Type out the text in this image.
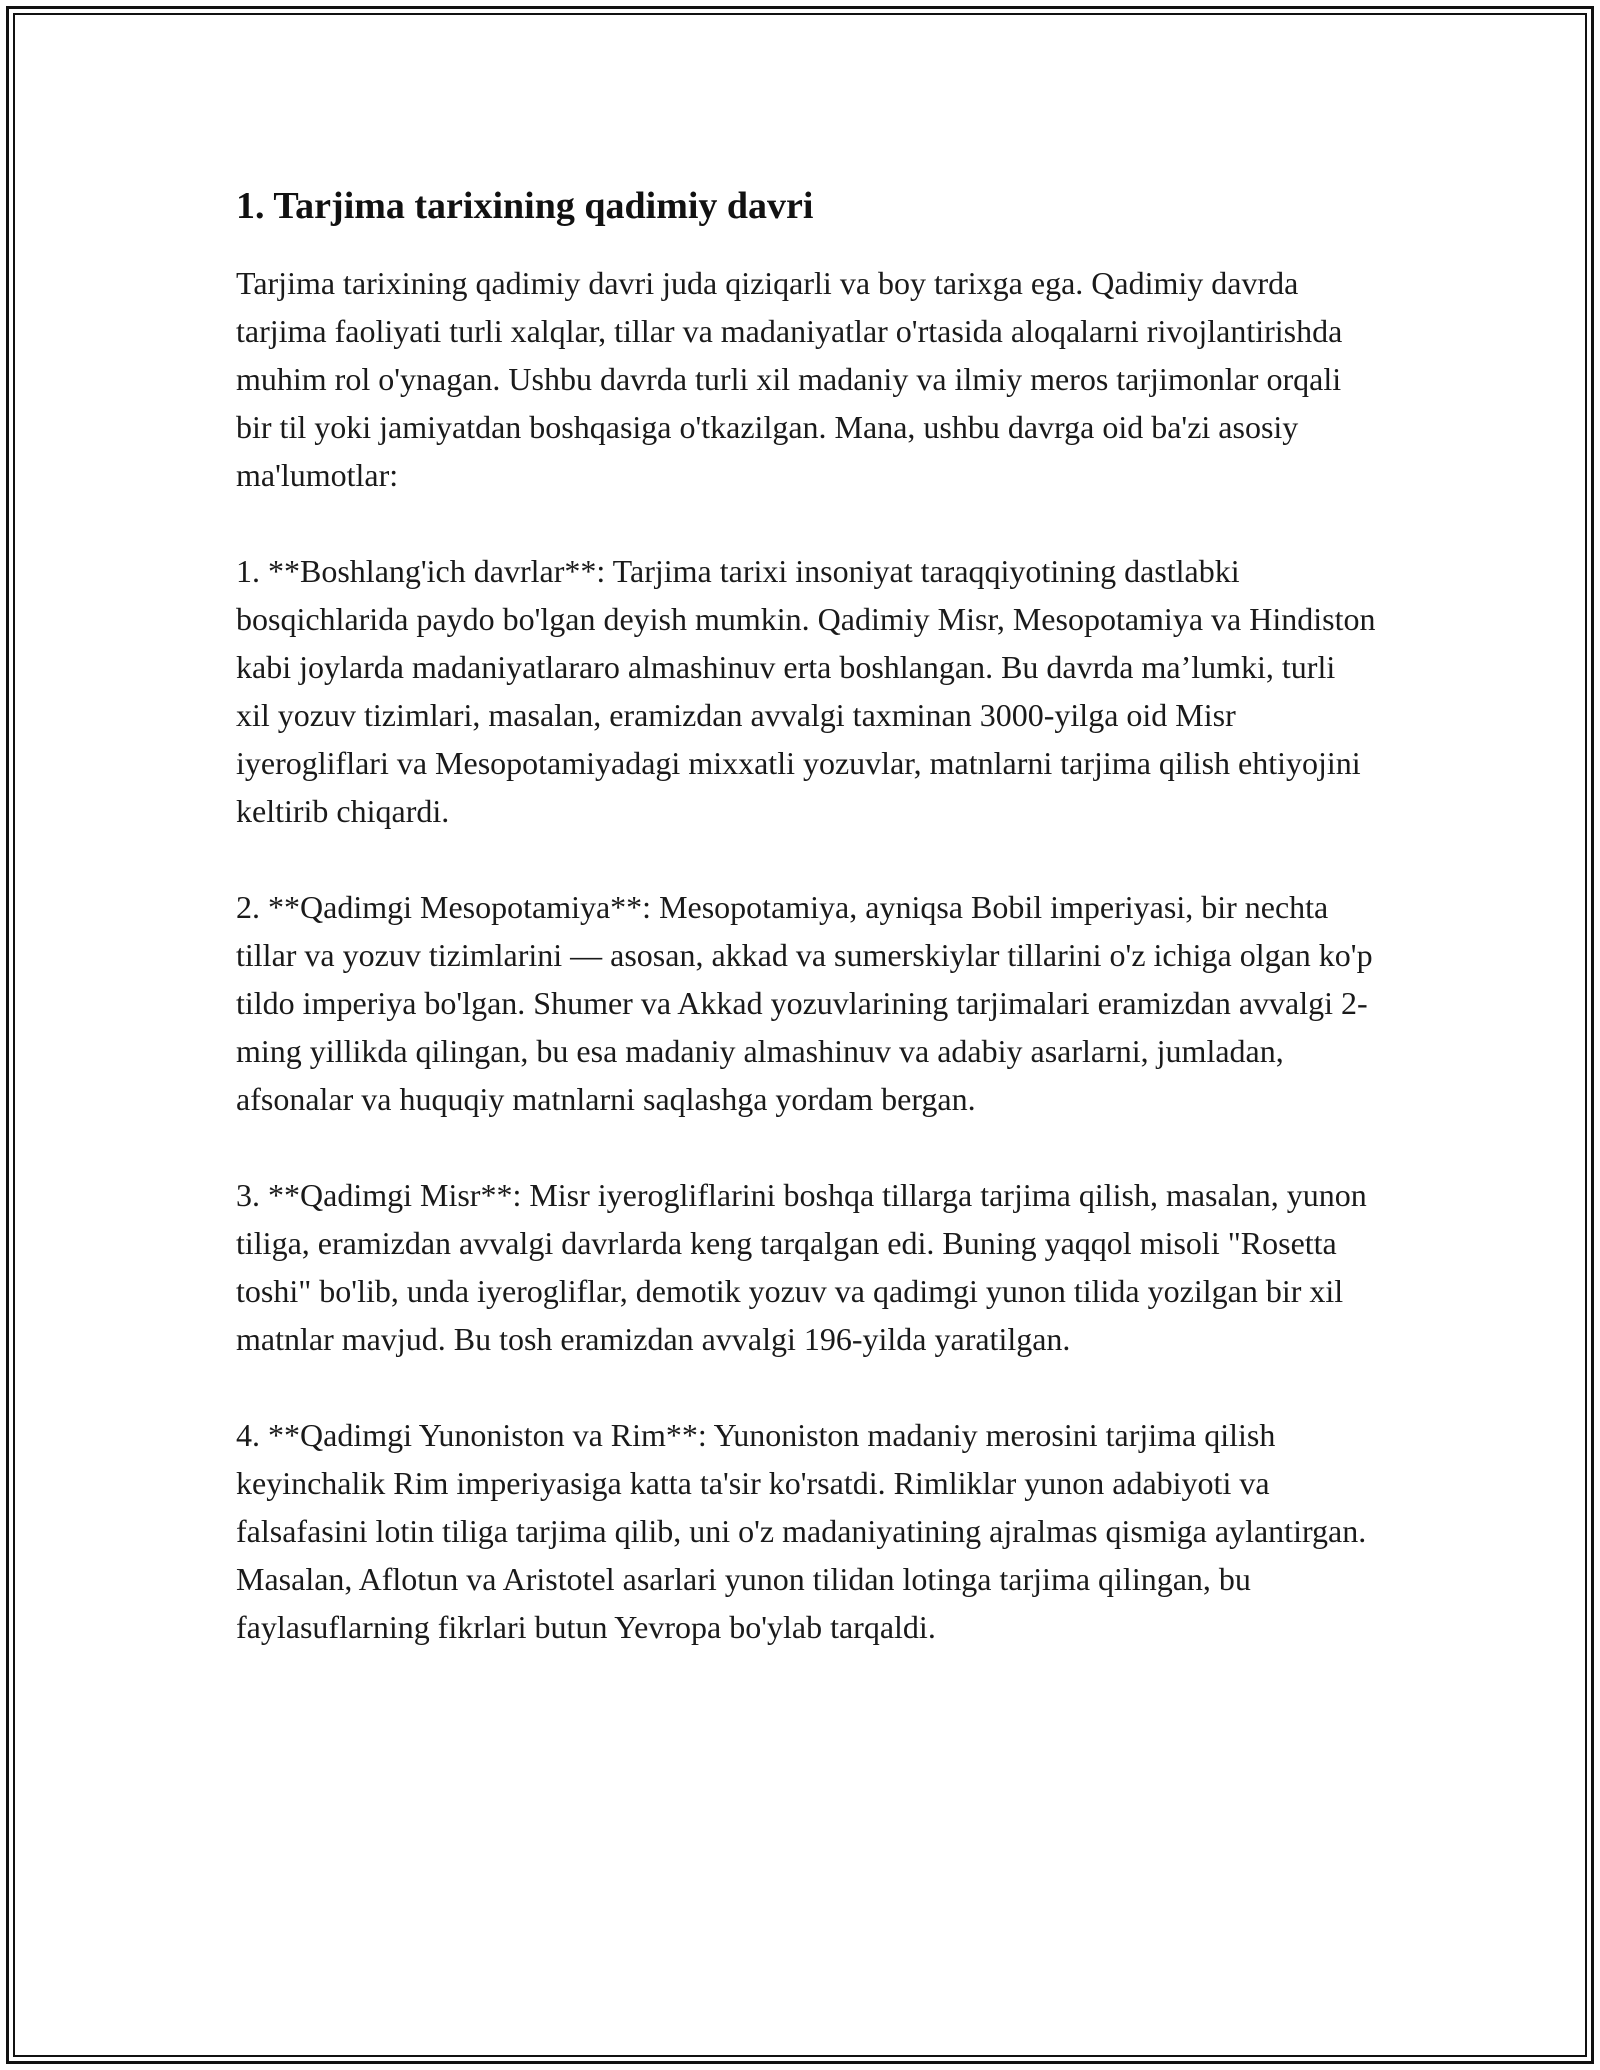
1. Tarjima tarixining qadimiy davri

Tarjima tarixining qadimiy davri juda qiziqarli va boy tarixga ega. Qadimiy davrda tarjima faoliyati turli xalqlar, tillar va madaniyatlar o'rtasida aloqalarni rivojlantirishda muhim rol o'ynagan. Ushbu davrda turli xil madaniy va ilmiy meros tarjimonlar orqali bir til yoki jamiyatdan boshqasiga o'tkazilgan. Mana, ushbu davrga oid ba'zi asosiy ma'lumotlar:

1. **Boshlang'ich davrlar**: Tarjima tarixi insoniyat taraqqiyotining dastlabki bosqichlarida paydo bo'lgan deyish mumkin. Qadimiy Misr, Mesopotamiya va Hindiston kabi joylarda madaniyatlararo almashinuv erta boshlangan. Bu davrda ma’lumki, turli xil yozuv tizimlari, masalan, eramizdan avvalgi taxminan 3000-yilga oid Misr iyerogliflari va Mesopotamiyadagi mixxatli yozuvlar, matnlarni tarjima qilish ehtiyojini keltirib chiqardi.

2. **Qadimgi Mesopotamiya**: Mesopotamiya, ayniqsa Bobil imperiyasi, bir nechta tillar va yozuv tizimlarini — asosan, akkad va sumerskiylar tillarini o'z ichiga olgan ko'p tildo imperiya bo'lgan. Shumer va Akkad yozuvlarining tarjimalari eramizdan avvalgi 2-ming yillikda qilingan, bu esa madaniy almashinuv va adabiy asarlarni, jumladan, afsonalar va huquqiy matnlarni saqlashga yordam bergan.

3. **Qadimgi Misr**: Misr iyerogliflarini boshqa tillarga tarjima qilish, masalan, yunon tiliga, eramizdan avvalgi davrlarda keng tarqalgan edi. Buning yaqqol misoli "Rosetta toshi" bo'lib, unda iyerogliflar, demotik yozuv va qadimgi yunon tilida yozilgan bir xil matnlar mavjud. Bu tosh eramizdan avvalgi 196-yilda yaratilgan.

4. **Qadimgi Yunoniston va Rim**: Yunoniston madaniy merosini tarjima qilish keyinchalik Rim imperiyasiga katta ta'sir ko'rsatdi. Rimliklar yunon adabiyoti va falsafasini lotin tiliga tarjima qilib, uni o'z madaniyatining ajralmas qismiga aylantirgan. Masalan, Aflotun va Aristotel asarlari yunon tilidan lotinga tarjima qilingan, bu faylasuflarning fikrlari butun Yevropa bo'ylab tarqaldi.
